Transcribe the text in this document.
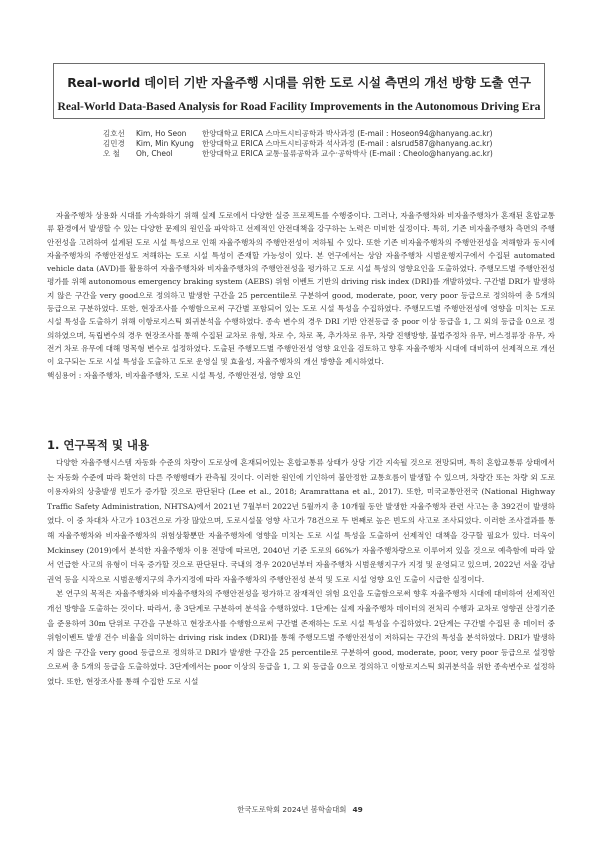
Real-world 데이터 기반 자율주행 시대를 위한 도로 시설 측면의 개선 방향 도출 연구
Real-World Data-Based Analysis for Road Facility Improvements in the Autonomous Driving Era
김호선	Kim, Ho Seon	한양대학교 ERICA 스마트시티공학과 박사과정 (E-mail : Hoseon94@hanyang.ac.kr)
김민경	Kim, Min Kyung	한양대학교 ERICA 스마트시티공학과 석사과정 (E-mail : alsrud587@hanyang.ac.kr)
오 철	Oh, Cheol	한양대학교 ERICA 교통·물류공학과 교수·공학박사 (E-mail : Cheolo@hanyang.ac.kr)

자율주행차 상용화 시대를 가속화하기 위해 실제 도로에서 다양한 실증 프로젝트를 수행중이다. 그러나, 자율주행차와 비자율주행차가 혼재된 혼합교통류 환경에서 발생할 수 있는 다양한 문제의 원인을 파악하고 선제적인 안전대책을 강구하는 노력은 미비한 실정이다. 특히, 기존 비자율주행차 측면의 주행안전성을 고려하여 설계된 도로 시설 특성으로 인해 자율주행차의 주행안전성이 저하될 수 있다. 또한 기존 비자율주행차의 주행안전성을 저해함과 동시에 자율주행차의 주행안전성도 저해하는 도로 시설 특성이 존재할 가능성이 있다. 본 연구에서는 상암 자율주행차 시범운행지구에서 수집된 automated vehicle data (AVD)를 활용하여 자율주행차와 비자율주행차의 주행안전성을 평가하고 도로 시설 특성의 영향요인을 도출하였다. 주행모드별 주행안전성 평가를 위해 autonomous emergency braking system (AEBS) 위험 이벤트 기반의 driving risk index (DRI)를 개발하였다. 구간별 DRI가 발생하지 않은 구간을 very good으로 정의하고 발생한 구간을 25 percentile로 구분하여 good, moderate, poor, very poor 등급으로 정의하여 총 5개의 등급으로 구분하였다. 또한, 현장조사를 수행함으로써 구간별 포함되어 있는 도로 시설 특성을 수집하였다. 주행모드별 주행안전성에 영향을 미치는 도로 시설 특성을 도출하기 위해 이항로지스틱 회귀분석을 수행하였다. 종속 변수의 경우 DRI 기반 안전등급 중 poor 이상 등급을 1, 그 외의 등급을 0으로 정의하였으며, 독립변수의 경우 현장조사를 통해 수집된 교차로 유형, 차로 수, 차로 폭, 추가차로 유무, 차량 진행방향, 불법주정차 유무, 버스정류장 유무, 자전거 차로 유무에 대해 명목형 변수로 설정하였다. 도출된 주행모드별 주행안전성 영향 요인을 검토하고 향후 자율주행차 시대에 대비하여 선제적으로 개선이 요구되는 도로 시설 특성을 도출하고 도로 운영실 및 효율성, 자율주행차의 개선 방향을 제시하였다.

핵심용어 : 자율주행차, 비자율주행차, 도로 시설 특성, 주행안전성, 영향 요인

1. 연구목적 및 내용

다양한 자율주행시스템 자동화 수준의 차량이 도로상에 혼재되어있는 혼합교통류 상태가 상당 기간 지속될 것으로 전망되며, 특히 혼합교통류 상태에서는 자동화 수준에 따라 확연히 다른 주행행태가 관측될 것이다. 이러한 원인에 기인하여 불안정한 교통흐름이 발생할 수 있으며, 차량간 또는 차량 외 도로 이용자와의 상충발생 빈도가 증가할 것으로 판단된다 (Lee et al., 2018; Aramrattana et al., 2017). 또한, 미국교통안전국 (National Highway Traffic Safety Administration, NHTSA)에서 2021년 7월부터 2022년 5월까지 총 10개월 동안 발생한 자율주행차 관련 사고는 총 392건이 발생하였다. 이 중 차대차 사고가 103건으로 가장 많았으며, 도로시설물 영향 사고가 78건으로 두 번째로 높은 빈도의 사고로 조사되었다. 이러한 조사결과를 통해 자율주행차와 비자율주행차의 위험상황뿐만 자율주행차에 영향을 미치는 도로 시설 특성을 도출하여 선제적인 대책을 강구할 필요가 있다. 더욱이 Mckinsey (2019)에서 분석한 자율주행차 이용 전망에 따르면, 2040년 기준 도로의 66%가 자율주행차량으로 이루어져 있을 것으로 예측함에 따라 앞서 언급한 사고의 유형이 더욱 증가할 것으로 판단된다. 국내의 경우 2020년부터 자율주행차 시범운행지구가 지정 및 운영되고 있으며, 2022년 서울 강남권역 등을 시작으로 시범운행지구의 추가지정에 따라 자율주행차의 주행안전성 분석 및 도로 시설 영향 요인 도출이 시급한 실정이다.

본 연구의 목적은 자율주행차와 비자율주행차의 주행안전성을 평가하고 잠재적인 위험 요인을 도출함으로써 향후 자율주행차 시대에 대비하여 선제적인 개선 방향을 도출하는 것이다. 따라서, 총 3단계로 구분하여 분석을 수행하였다. 1단계는 실제 자율주행차 데이터의 전처리 수행과 교차로 영향권 산정기준을 준용하여 30m 단위로 구간을 구분하고 현장조사를 수행함으로써 구간별 존재하는 도로 시설 특성을 수집하였다. 2단계는 구간별 수집된 총 데이터 중 위험이벤트 발생 건수 비율을 의미하는 driving risk index (DRI)를 통해 주행모드별 주행안전성이 저하되는 구간의 특성을 분석하였다. DRI가 발생하지 않은 구간을 very good 등급으로 정의하고 DRI가 발생한 구간을 25 percentile로 구분하여 good, moderate, poor, very poor 등급으로 설정함으로써 총 5개의 등급을 도출하였다. 3단계에서는 poor 이상의 등급을 1, 그 외 등급을 0으로 정의하고 이항로지스틱 회귀분석을 위한 종속변수로 설정하였다. 또한, 현장조사를 통해 수집한 도로 시설

한국도로학회 2024년 봄학술대회 49
